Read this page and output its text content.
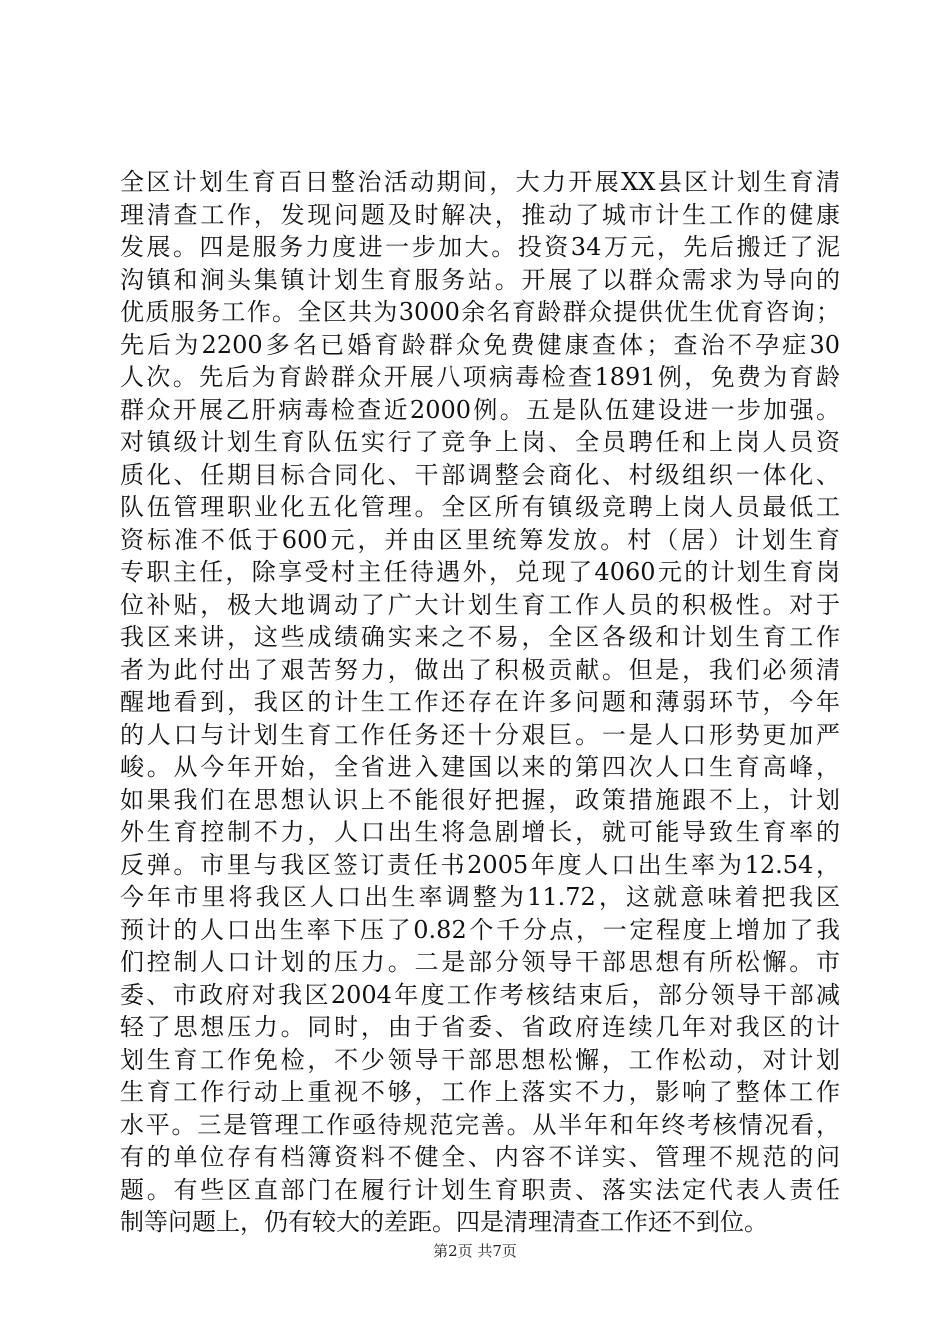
全区计划生育百日整治活动期间，大力开展XX县区计划生育清
理清查工作，发现问题及时解决，推动了城市计生工作的健康
发展。四是服务力度进一步加大。投资34万元，先后搬迁了泥
沟镇和涧头集镇计划生育服务站。开展了以群众需求为导向的
优质服务工作。全区共为3000余名育龄群众提供优生优育咨询；
先后为2200多名已婚育龄群众免费健康查体；查治不孕症30
人次。先后为育龄群众开展八项病毒检查1891例，免费为育龄
群众开展乙肝病毒检查近2000例。五是队伍建设进一步加强。
对镇级计划生育队伍实行了竞争上岗、全员聘任和上岗人员资
质化、任期目标合同化、干部调整会商化、村级组织一体化、
队伍管理职业化五化管理。全区所有镇级竞聘上岗人员最低工
资标准不低于600元，并由区里统筹发放。村（居）计划生育
专职主任，除享受村主任待遇外，兑现了4060元的计划生育岗
位补贴，极大地调动了广大计划生育工作人员的积极性。对于
我区来讲，这些成绩确实来之不易，全区各级和计划生育工作
者为此付出了艰苦努力，做出了积极贡献。但是，我们必须清
醒地看到，我区的计生工作还存在许多问题和薄弱环节，今年
的人口与计划生育工作任务还十分艰巨。一是人口形势更加严
峻。从今年开始，全省进入建国以来的第四次人口生育高峰，
如果我们在思想认识上不能很好把握，政策措施跟不上，计划
外生育控制不力，人口出生将急剧增长，就可能导致生育率的
反弹。市里与我区签订责任书2005年度人口出生率为12.54，
今年市里将我区人口出生率调整为11.72，这就意味着把我区
预计的人口出生率下压了0.82个千分点，一定程度上增加了我
们控制人口计划的压力。二是部分领导干部思想有所松懈。市
委、市政府对我区2004年度工作考核结束后，部分领导干部减
轻了思想压力。同时，由于省委、省政府连续几年对我区的计
划生育工作免检，不少领导干部思想松懈，工作松动，对计划
生育工作行动上重视不够，工作上落实不力，影响了整体工作
水平。三是管理工作亟待规范完善。从半年和年终考核情况看，
有的单位存有档簿资料不健全、内容不详实、管理不规范的问
题。有些区直部门在履行计划生育职责、落实法定代表人责任
制等问题上，仍有较大的差距。四是清理清查工作还不到位。
第2页 共7页
